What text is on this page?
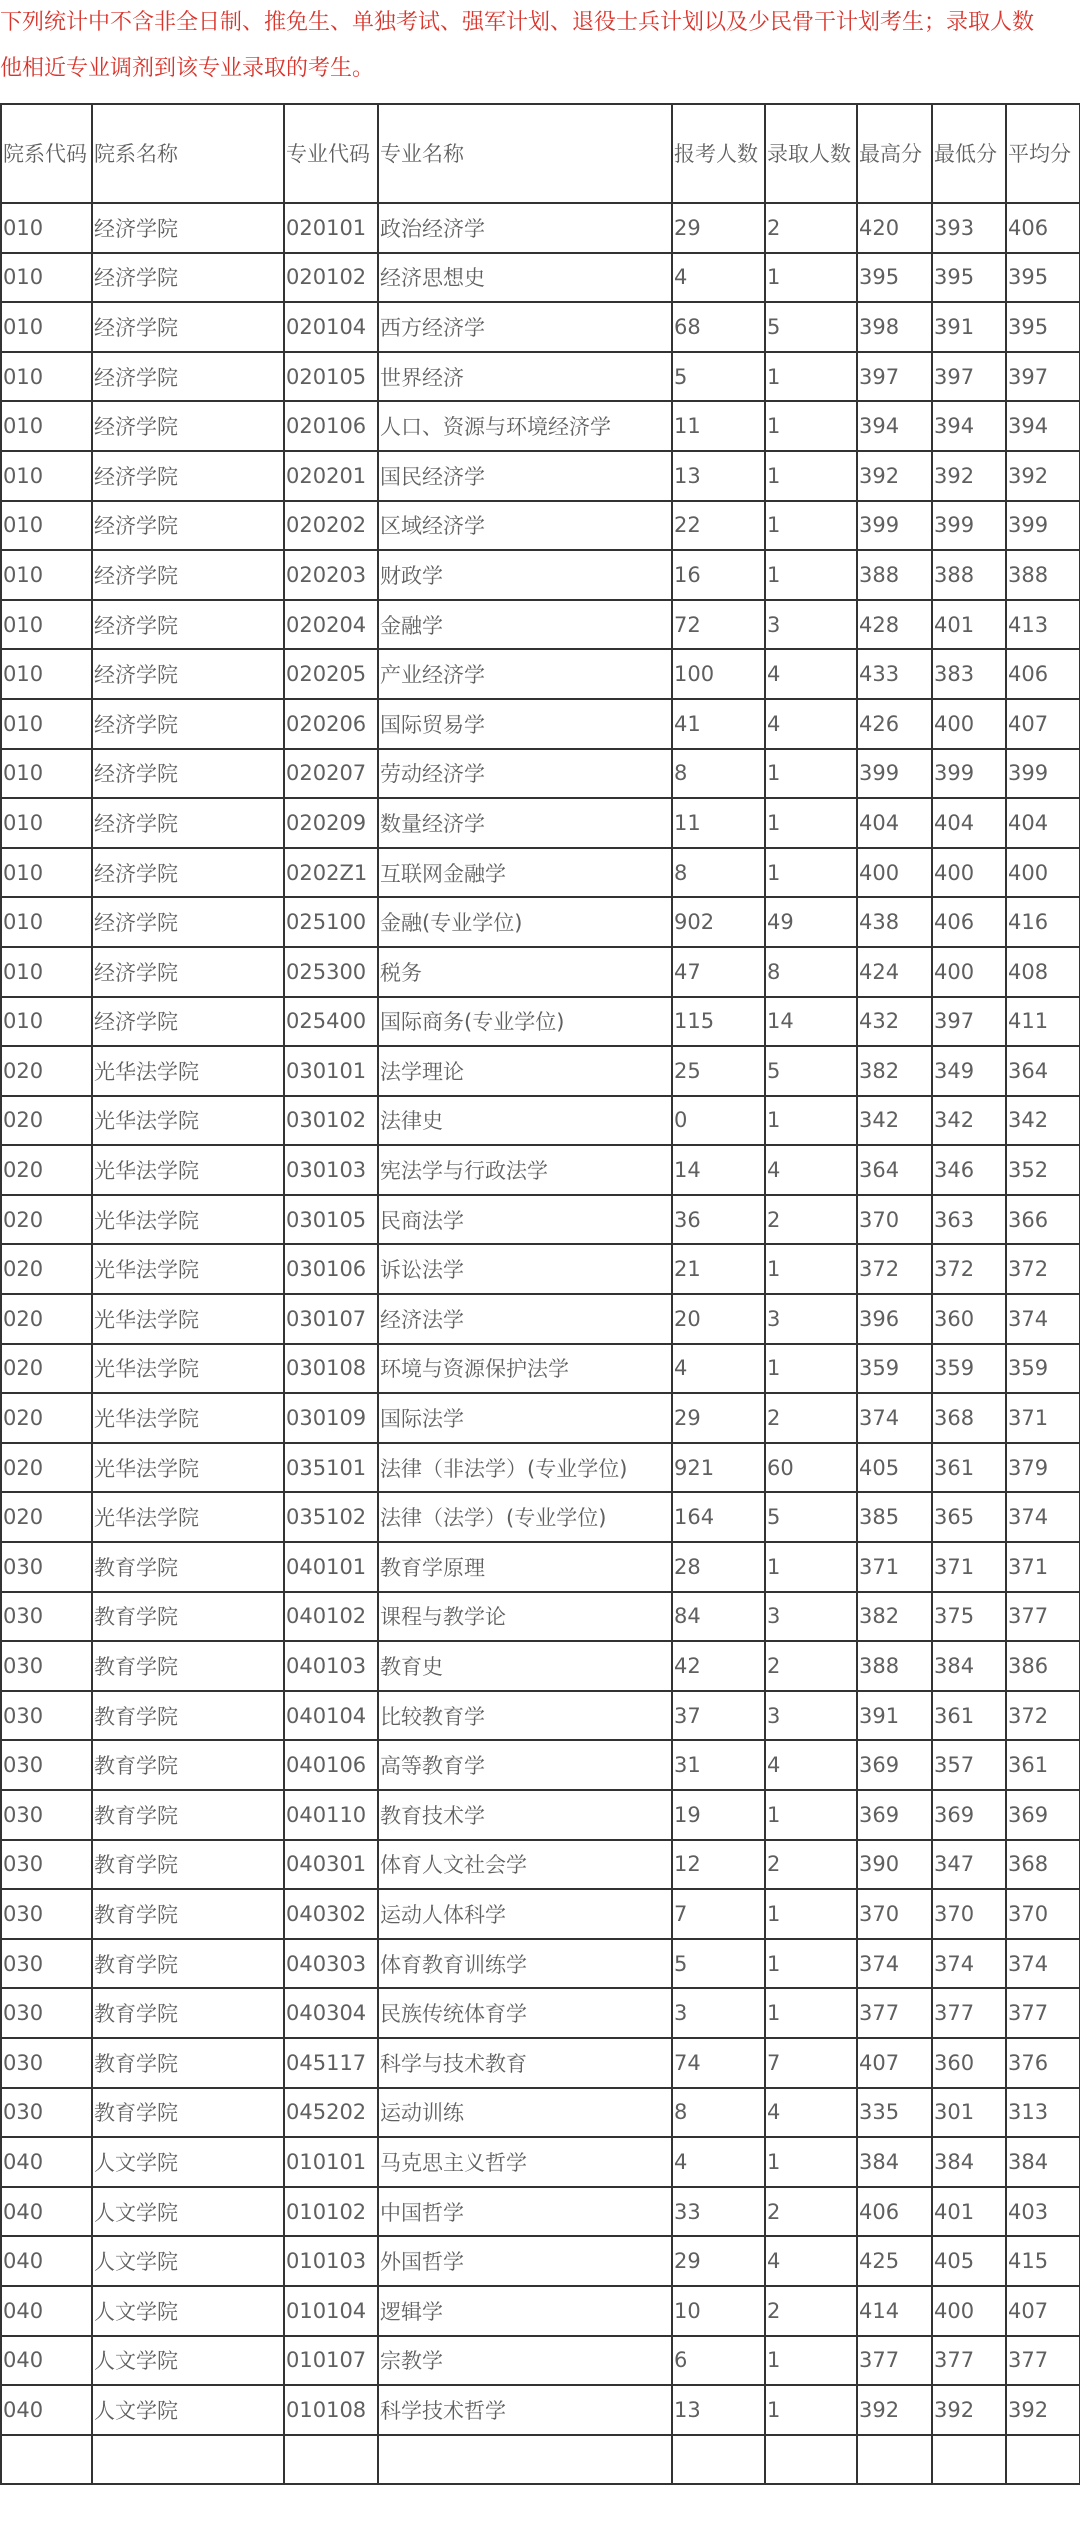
下列统计中不含非全日制、推免生、单独考试、强军计划、退役士兵计划以及少民骨干计划考生；录取人数
他相近专业调剂到该专业录取的考生。
院系代码	院系名称	专业代码	专业名称	报考人数	录取人数	最高分	最低分	平均分
010	经济学院	020101	政治经济学	29	2	420	393	406
010	经济学院	020102	经济思想史	4	1	395	395	395
010	经济学院	020104	西方经济学	68	5	398	391	395
010	经济学院	020105	世界经济	5	1	397	397	397
010	经济学院	020106	人口、资源与环境经济学	11	1	394	394	394
010	经济学院	020201	国民经济学	13	1	392	392	392
010	经济学院	020202	区域经济学	22	1	399	399	399
010	经济学院	020203	财政学	16	1	388	388	388
010	经济学院	020204	金融学	72	3	428	401	413
010	经济学院	020205	产业经济学	100	4	433	383	406
010	经济学院	020206	国际贸易学	41	4	426	400	407
010	经济学院	020207	劳动经济学	8	1	399	399	399
010	经济学院	020209	数量经济学	11	1	404	404	404
010	经济学院	0202Z1	互联网金融学	8	1	400	400	400
010	经济学院	025100	金融(专业学位)	902	49	438	406	416
010	经济学院	025300	税务	47	8	424	400	408
010	经济学院	025400	国际商务(专业学位)	115	14	432	397	411
020	光华法学院	030101	法学理论	25	5	382	349	364
020	光华法学院	030102	法律史	0	1	342	342	342
020	光华法学院	030103	宪法学与行政法学	14	4	364	346	352
020	光华法学院	030105	民商法学	36	2	370	363	366
020	光华法学院	030106	诉讼法学	21	1	372	372	372
020	光华法学院	030107	经济法学	20	3	396	360	374
020	光华法学院	030108	环境与资源保护法学	4	1	359	359	359
020	光华法学院	030109	国际法学	29	2	374	368	371
020	光华法学院	035101	法律（非法学）(专业学位)	921	60	405	361	379
020	光华法学院	035102	法律（法学）(专业学位)	164	5	385	365	374
030	教育学院	040101	教育学原理	28	1	371	371	371
030	教育学院	040102	课程与教学论	84	3	382	375	377
030	教育学院	040103	教育史	42	2	388	384	386
030	教育学院	040104	比较教育学	37	3	391	361	372
030	教育学院	040106	高等教育学	31	4	369	357	361
030	教育学院	040110	教育技术学	19	1	369	369	369
030	教育学院	040301	体育人文社会学	12	2	390	347	368
030	教育学院	040302	运动人体科学	7	1	370	370	370
030	教育学院	040303	体育教育训练学	5	1	374	374	374
030	教育学院	040304	民族传统体育学	3	1	377	377	377
030	教育学院	045117	科学与技术教育	74	7	407	360	376
030	教育学院	045202	运动训练	8	4	335	301	313
040	人文学院	010101	马克思主义哲学	4	1	384	384	384
040	人文学院	010102	中国哲学	33	2	406	401	403
040	人文学院	010103	外国哲学	29	4	425	405	415
040	人文学院	010104	逻辑学	10	2	414	400	407
040	人文学院	010107	宗教学	6	1	377	377	377
040	人文学院	010108	科学技术哲学	13	1	392	392	392
